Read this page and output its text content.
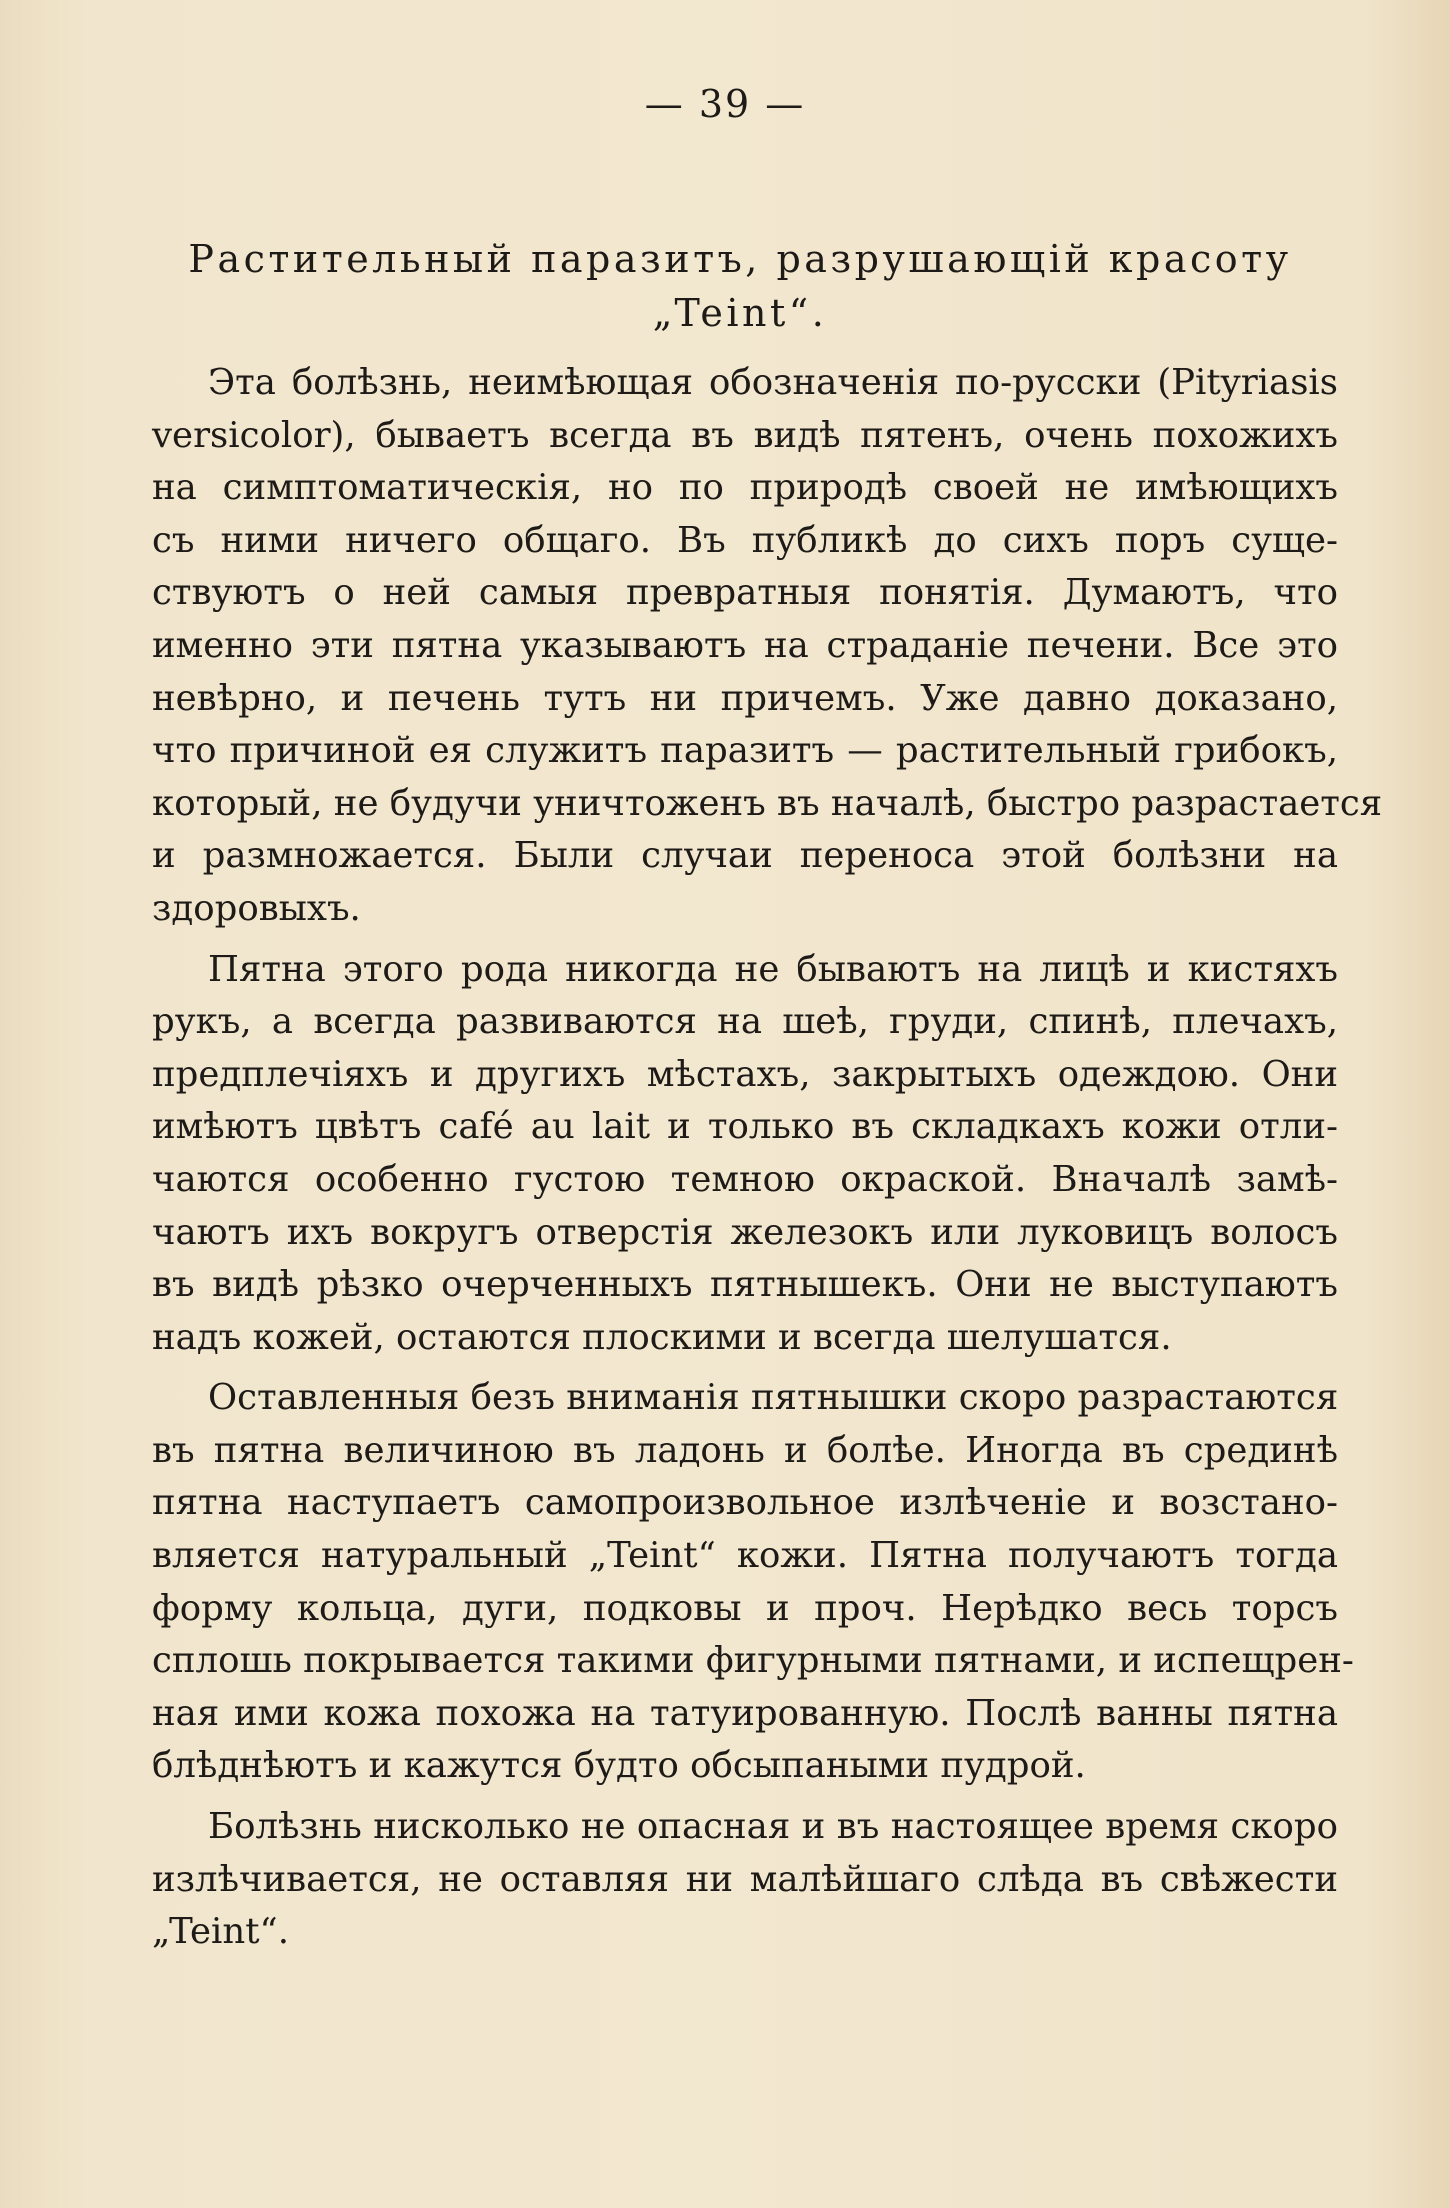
— 39 —
Растительный паразитъ, разрушающій красоту
„Teint“.

Эта болѣзнь, неимѣющая обозначенія по-русски (Pityriasis
versicolor), бываетъ всегда въ видѣ пятенъ, очень похожихъ
на симптоматическія, но по природѣ своей не имѣющихъ
съ ними ничего общаго. Въ публикѣ до сихъ поръ суще-
ствуютъ о ней самыя превратныя понятія. Думаютъ, что
именно эти пятна указываютъ на страданіе печени. Все это
невѣрно, и печень тутъ ни причемъ. Уже давно доказано,
что причиной ея служитъ паразитъ — растительный грибокъ,
который, не будучи уничтоженъ въ началѣ, быстро разрастается
и размножается. Были случаи переноса этой болѣзни на
здоровыхъ.

Пятна этого рода никогда не бываютъ на лицѣ и кистяхъ
рукъ, а всегда развиваются на шеѣ, груди, спинѣ, плечахъ,
предплечіяхъ и другихъ мѣстахъ, закрытыхъ одеждою. Они
имѣютъ цвѣтъ café au lait и только въ складкахъ кожи отли-
чаются особенно густою темною окраской. Вначалѣ замѣ-
чаютъ ихъ вокругъ отверстія железокъ или луковицъ волосъ
въ видѣ рѣзко очерченныхъ пятнышекъ. Они не выступаютъ
надъ кожей, остаются плоскими и всегда шелушатся.

Оставленныя безъ вниманія пятнышки скоро разрастаются
въ пятна величиною въ ладонь и болѣе. Иногда въ срединѣ
пятна наступаетъ самопроизвольное излѣченіе и возстано-
вляется натуральный „Teint“ кожи. Пятна получаютъ тогда
форму кольца, дуги, подковы и проч. Нерѣдко весь торсъ
сплошь покрывается такими фигурными пятнами, и испещрен-
ная ими кожа похожа на татуированную. Послѣ ванны пятна
блѣднѣютъ и кажутся будто обсыпаными пудрой.

Болѣзнь нисколько не опасная и въ настоящее время скоро
излѣчивается, не оставляя ни малѣйшаго слѣда въ свѣжести
„Teint“.
